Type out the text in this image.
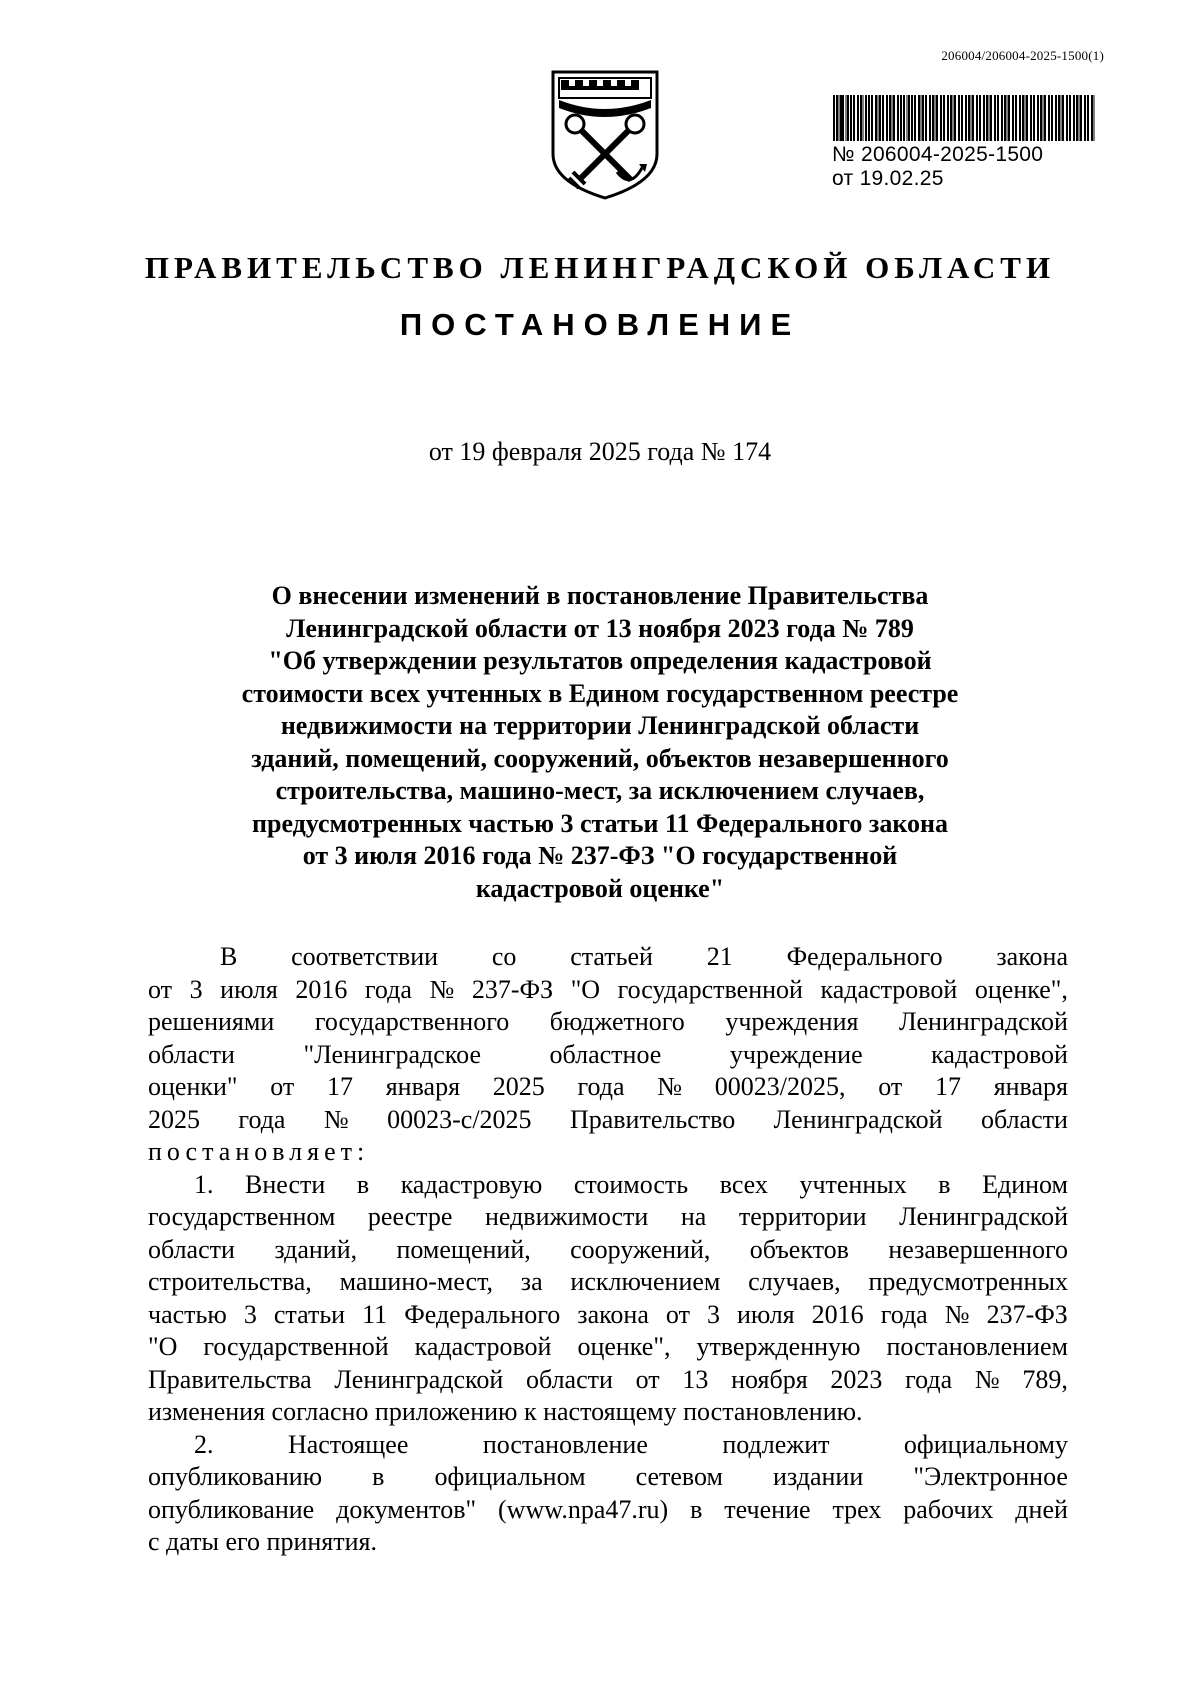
206004/206004-2025-1500(1)
№ 206004-2025-1500
от 19.02.25
ПРАВИТЕЛЬСТВО ЛЕНИНГРАДСКОЙ ОБЛАСТИ
ПОСТАНОВЛЕНИЕ
от 19 февраля 2025 года № 174
О внесении изменений в постановление Правительства
Ленинградской области от 13 ноября 2023 года № 789
"Об утверждении результатов определения кадастровой
стоимости всех учтенных в Едином государственном реестре
недвижимости на территории Ленинградской области
зданий, помещений, сооружений, объектов незавершенного
строительства, машино-мест, за исключением случаев,
предусмотренных частью 3 статьи 11 Федерального закона
от 3 июля 2016 года № 237-ФЗ "О государственной
кадастровой оценке"
В соответствии со статьей 21 Федерального закона
от 3 июля 2016 года № 237-ФЗ "О государственной кадастровой оценке",
решениями государственного бюджетного учреждения Ленинградской
области	"Ленинградское	областное	учреждение	кадастровой
оценки" от 17 января 2025 года № 00023/2025, от 17 января
2025 года № 00023-с/2025 Правительство Ленинградской области
постановляет:
1. Внести в кадастровую стоимость всех учтенных в Едином
государственном реестре недвижимости на территории Ленинградской
области зданий, помещений, сооружений, объектов незавершенного
строительства, машино-мест, за исключением случаев, предусмотренных
частью 3 статьи 11 Федерального закона от 3 июля 2016 года № 237-ФЗ
"О государственной кадастровой оценке", утвержденную постановлением
Правительства Ленинградской области от 13 ноября 2023 года № 789,
изменения согласно приложению к настоящему постановлению.
2.	Настоящее	постановление	подлежит	официальному
опубликованию в официальном сетевом издании "Электронное
опубликование документов" (www.npa47.ru) в течение трех рабочих дней
с даты его принятия.
